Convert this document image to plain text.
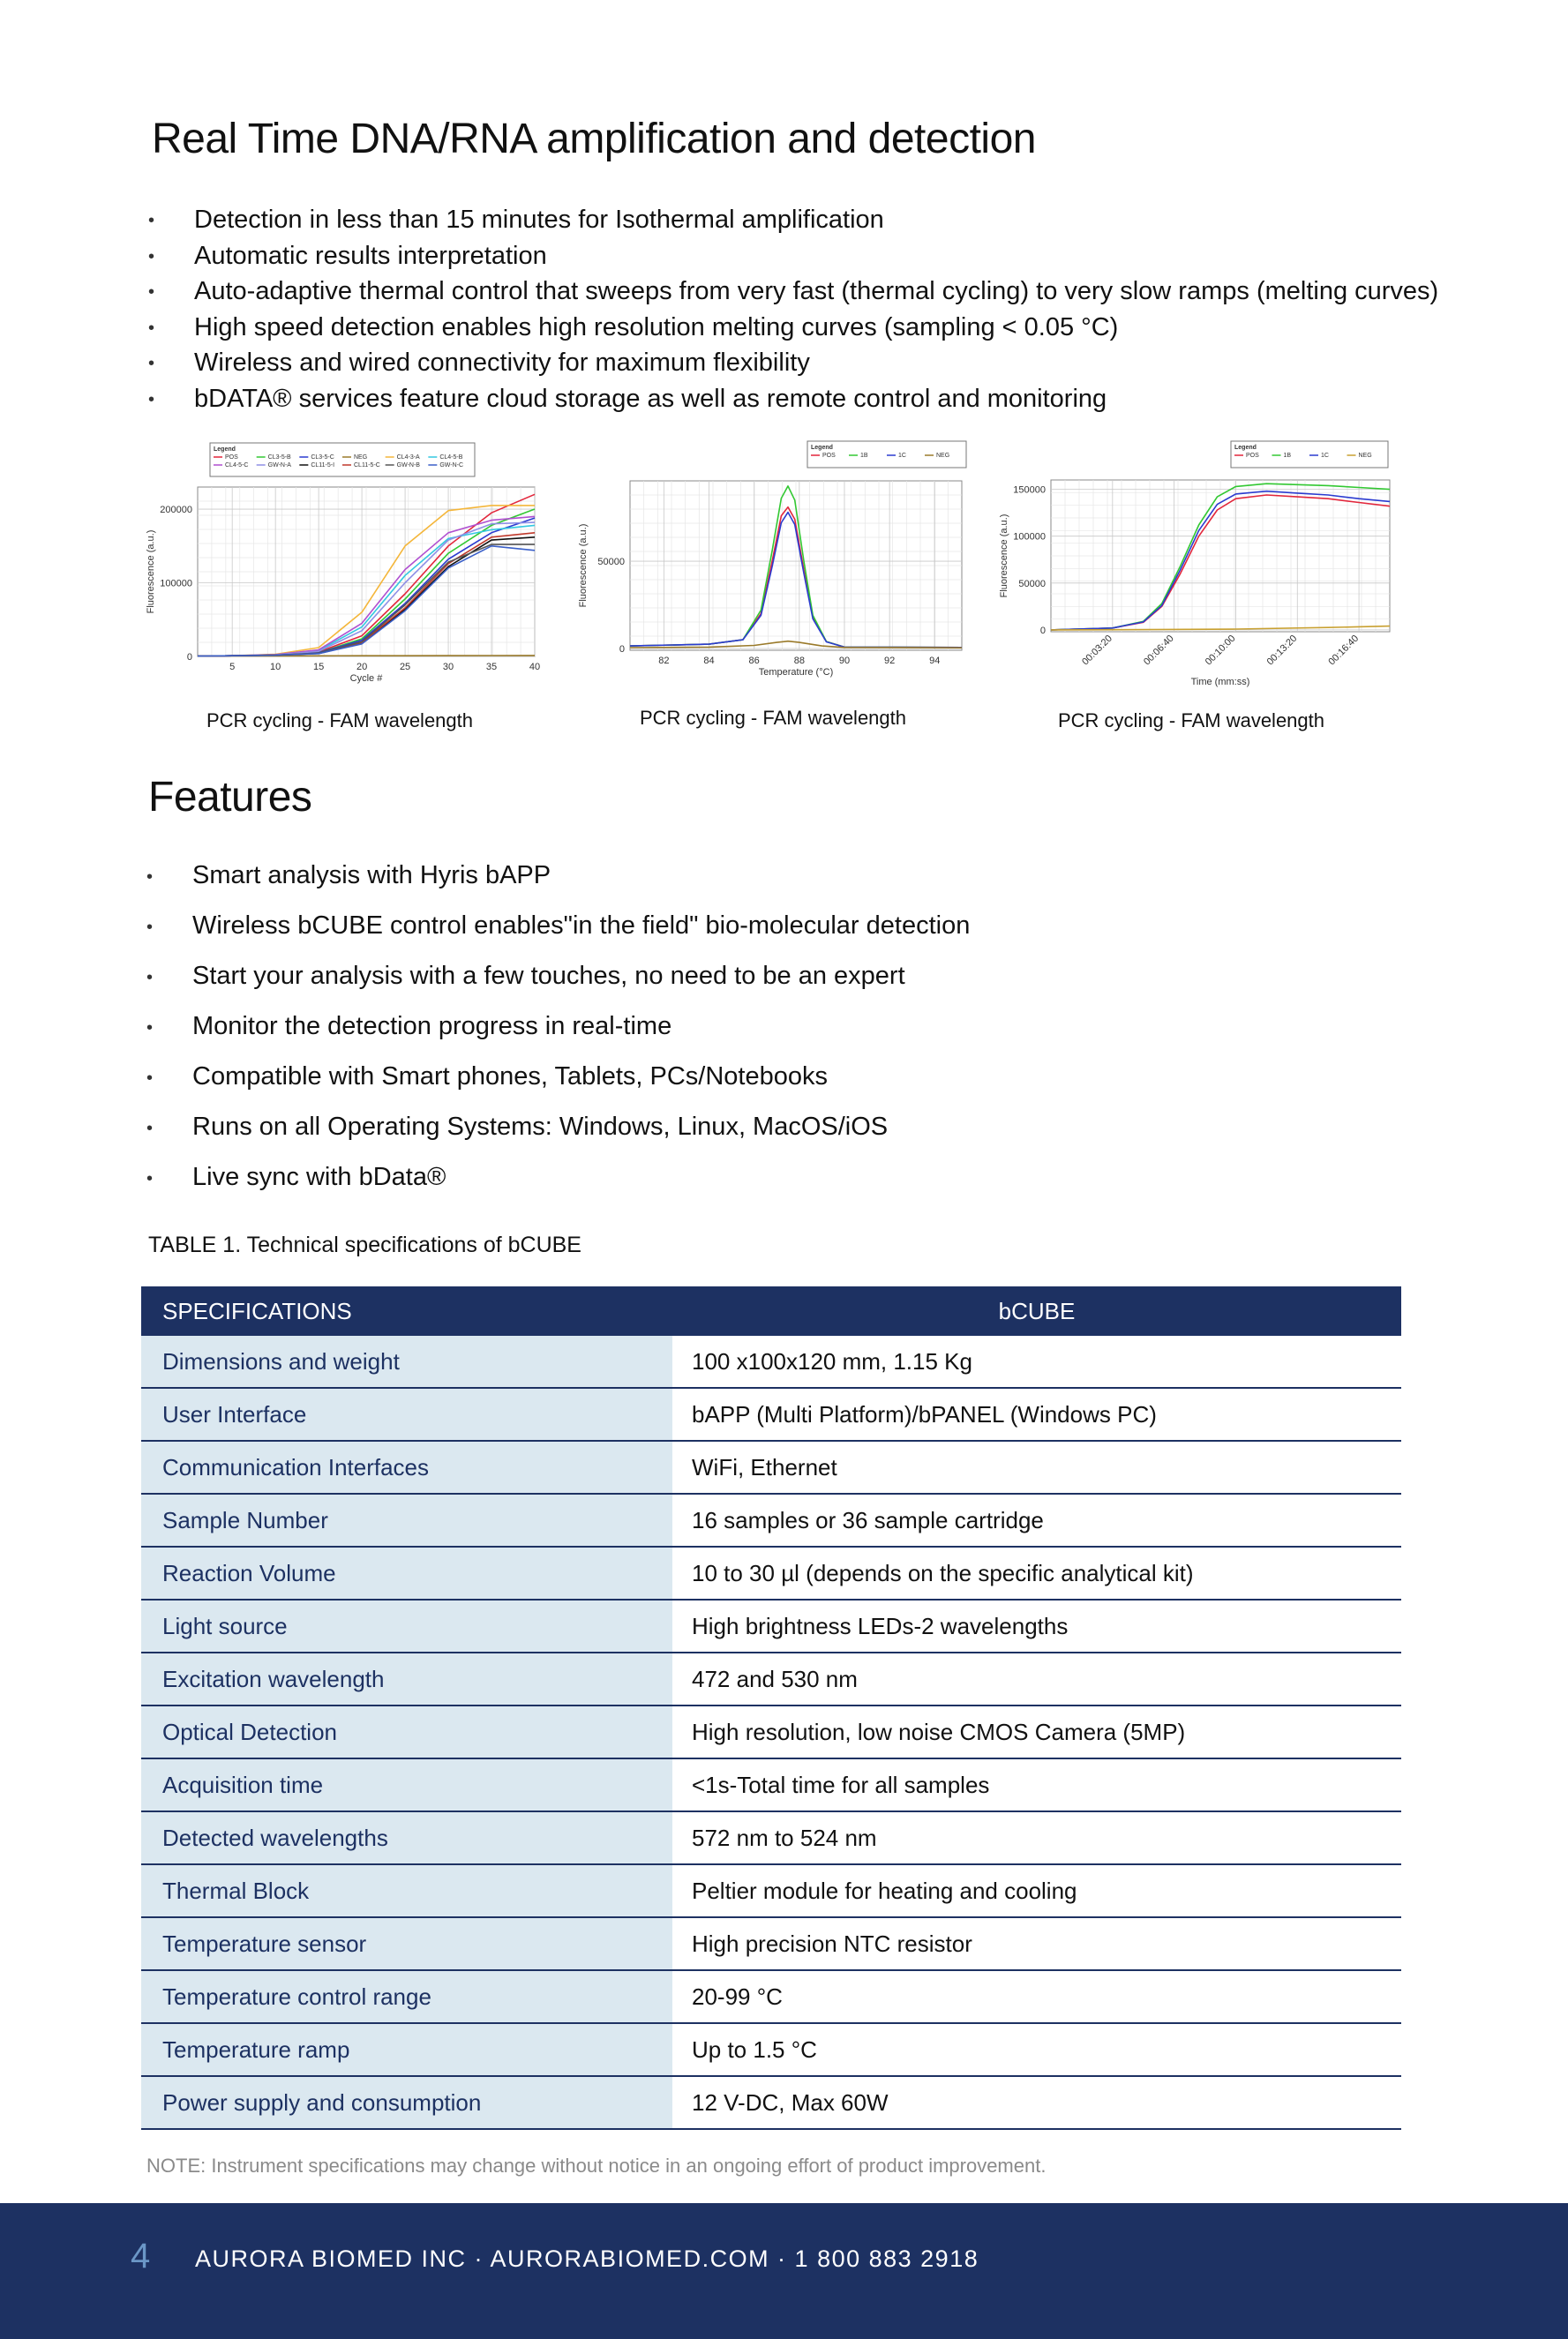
Real Time DNA/RNA amplification and detection
• Detection in less than 15 minutes for Isothermal amplification
• Automatic results interpretation
• Auto-adaptive thermal control that sweeps from very fast (thermal cycling) to very slow ramps (melting curves)
• High speed detection enables high resolution melting curves (sampling < 0.05 °C)
• Wireless and wired connectivity for maximum flexibility
• bDATA® services feature cloud storage as well as remote control and monitoring
Legend
POS	CL3-5-B	CL3-5-C	NEG	CL4-3-A	CL4-5-B
CL4-5-C	GW-N-A	CL11-5-I	CL11-5-C	GW-N-B	GW-N-C
5	10	15	20	25	30	35	40
0
100000
200000
Cycle #
Fluorescence (a.u.)
Legend
POS	1B	1C	NEG
82	84	86	88	90	92	94
0
50000
Temperature (°C)
Fluorescence (a.u.)
Legend
POS	1B	1C	NEG
00:03:20	00:06:40	00:10:00	00:13:20	00:16:40
0
50000
100000
150000
Time (mm:ss)
Fluorescence (a.u.)
PCR cycling - FAM wavelength	PCR cycling - FAM wavelength	PCR cycling - FAM wavelength
Features
• Smart analysis with Hyris bAPP
• Wireless bCUBE control enables"in the field" bio-molecular detection
• Start your analysis with a few touches, no need to be an expert
• Monitor the detection progress in real-time
• Compatible with Smart phones, Tablets, PCs/Notebooks
• Runs on all Operating Systems: Windows, Linux, MacOS/iOS
• Live sync with bData®
TABLE 1. Technical specifications of bCUBE
SPECIFICATIONS	bCUBE
Dimensions and weight	100 x100x120 mm, 1.15 Kg
User Interface	bAPP (Multi Platform)/bPANEL (Windows PC)
Communication Interfaces	WiFi, Ethernet
Sample Number	16 samples or 36 sample cartridge
Reaction Volume	10 to 30 µl (depends on the specific analytical kit)
Light source	High brightness LEDs-2 wavelengths
Excitation wavelength	472 and 530 nm
Optical Detection	High resolution, low noise CMOS Camera (5MP)
Acquisition time	<1s-Total time for all samples
Detected wavelengths	572 nm to 524 nm
Thermal Block	Peltier module for heating and cooling
Temperature sensor	High precision NTC resistor
Temperature control range	20-99 °C
Temperature ramp	Up to 1.5 °C
Power supply and consumption	12 V-DC, Max 60W
NOTE: Instrument specifications may change without notice in an ongoing effort of product improvement.
4 AURORA BIOMED INC · AURORABIOMED.COM · 1 800 883 2918
